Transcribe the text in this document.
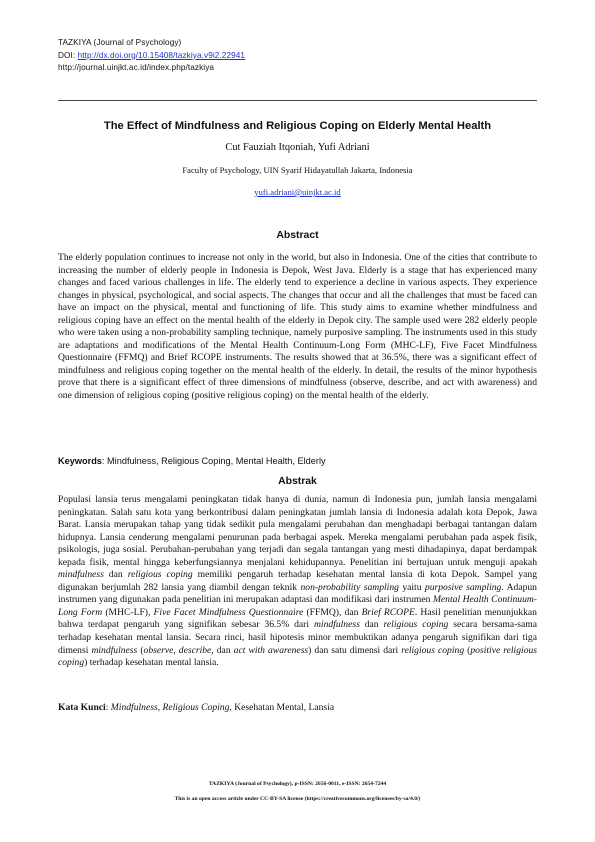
TAZKIYA (Journal of Psychology)
DOI: http://dx.doi.org/10.15408/tazkiya.v9i2.22941
http://journal.uinjkt.ac.id/index.php/tazkiya
The Effect of Mindfulness and Religious Coping on Elderly Mental Health
Cut Fauziah Itqoniah, Yufi Adriani
Faculty of Psychology, UIN Syarif Hidayatullah Jakarta, Indonesia
yufi.adriani@uinjkt.ac.id
Abstract
The elderly population continues to increase not only in the world, but also in Indonesia. One of the cities that contribute to increasing the number of elderly people in Indonesia is Depok, West Java. Elderly is a stage that has experienced many changes and faced various challenges in life. The elderly tend to experience a decline in various aspects. They experience changes in physical, psychological, and social aspects. The changes that occur and all the challenges that must be faced can have an impact on the physical, mental and functioning of life. This study aims to examine whether mindfulness and religious coping have an effect on the mental health of the elderly in Depok city. The sample used were 282 elderly people who were taken using a non-probability sampling technique, namely purposive sampling. The instruments used in this study are adaptations and modifications of the Mental Health Continuum-Long Form (MHC-LF), Five Facet Mindfulness Questionnaire (FFMQ) and Brief RCOPE instruments. The results showed that at 36.5%, there was a significant effect of mindfulness and religious coping together on the mental health of the elderly. In detail, the results of the minor hypothesis prove that there is a significant effect of three dimensions of mindfulness (observe, describe, and act with awareness) and one dimension of religious coping (positive religious coping) on the mental health of the elderly.
Keywords: Mindfulness, Religious Coping, Mental Health, Elderly
Abstrak
Populasi lansia terus mengalami peningkatan tidak hanya di dunia, namun di Indonesia pun, jumlah lansia mengalami peningkatan. Salah satu kota yang berkontribusi dalam peningkatan jumlah lansia di Indonesia adalah kota Depok, Jawa Barat. Lansia merupakan tahap yang tidak sedikit pula mengalami perubahan dan menghadapi berbagai tantangan dalam hidupnya. Lansia cenderung mengalami penurunan pada berbagai aspek. Mereka mengalami perubahan pada aspek fisik, psikologis, juga sosial. Perubahan-perubahan yang terjadi dan segala tantangan yang mesti dihadapinya, dapat berdampak kepada fisik, mental hingga keberfungsiannya menjalani kehidupannya. Penelitian ini bertujuan untuk menguji apakah mindfulness dan religious coping memiliki pengaruh terhadap kesehatan mental lansia di kota Depok. Sampel yang digunakan berjumlah 282 lansia yang diambil dengan teknik non-probability sampling yaitu purposive sampling. Adapun instrumen yang digunakan pada penelitian ini merupakan adaptasi dan modifikasi dari instrumen Mental Health Continuum-Long Form (MHC-LF), Five Facet Mindfulness Questionnaire (FFMQ), dan Brief RCOPE. Hasil penelitian menunjukkan bahwa terdapat pengaruh yang signifikan sebesar 36.5% dari mindfulness dan religious coping secara bersama-sama terhadap kesehatan mental lansia. Secara rinci, hasil hipotesis minor membuktikan adanya pengaruh signifikan dari tiga dimensi mindfulness (observe, describe, dan act with awareness) dan satu dimensi dari religious coping (positive religious coping) terhadap kesehatan mental lansia.
Kata Kunci: Mindfulness, Religious Coping, Kesehatan Mental, Lansia
TAZKIYA (Journal of Psychology), p-ISSN: 2656-0011, e-ISSN: 2654-7244
This is an open access article under CC-BY-SA license (https://creativecommons.org/licenses/by-sa/4.0/)
